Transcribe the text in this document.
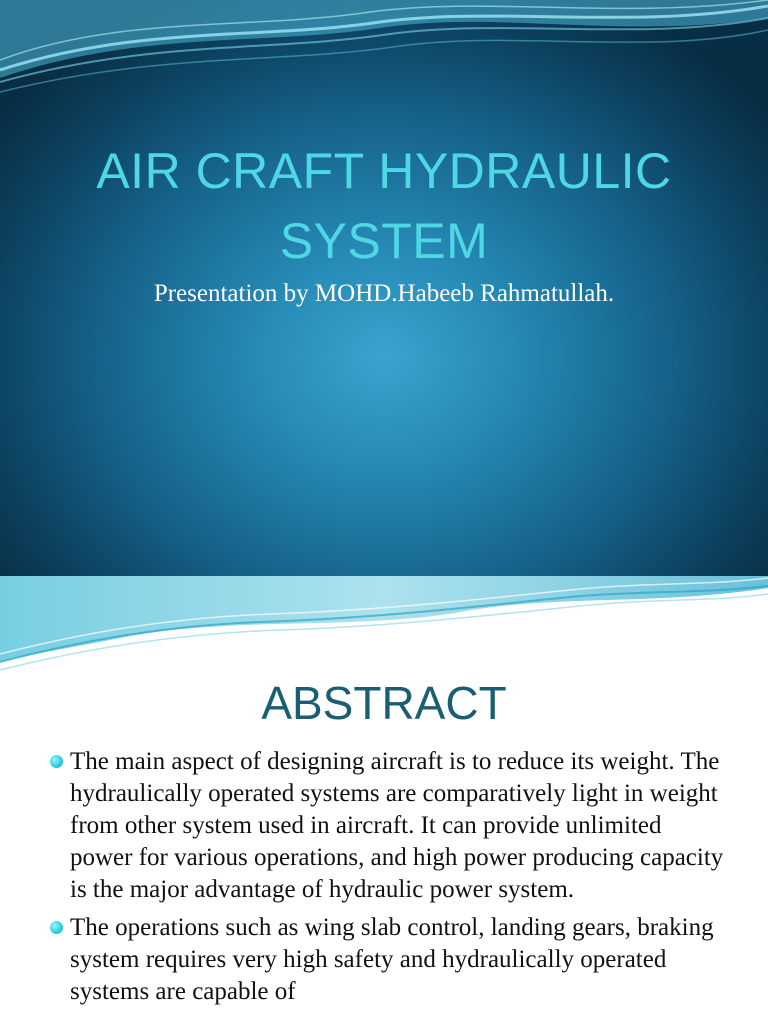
AIR CRAFT HYDRAULIC SYSTEM
Presentation by MOHD.Habeeb Rahmatullah.
ABSTRACT
The main aspect of designing aircraft is to reduce its weight. The hydraulically operated systems are comparatively light in weight from other system used in aircraft. It can provide unlimited power for various operations, and high power producing capacity is the major advantage of hydraulic power system.
The operations such as wing slab control, landing gears, braking system requires very high safety and hydraulically operated systems are capable of
